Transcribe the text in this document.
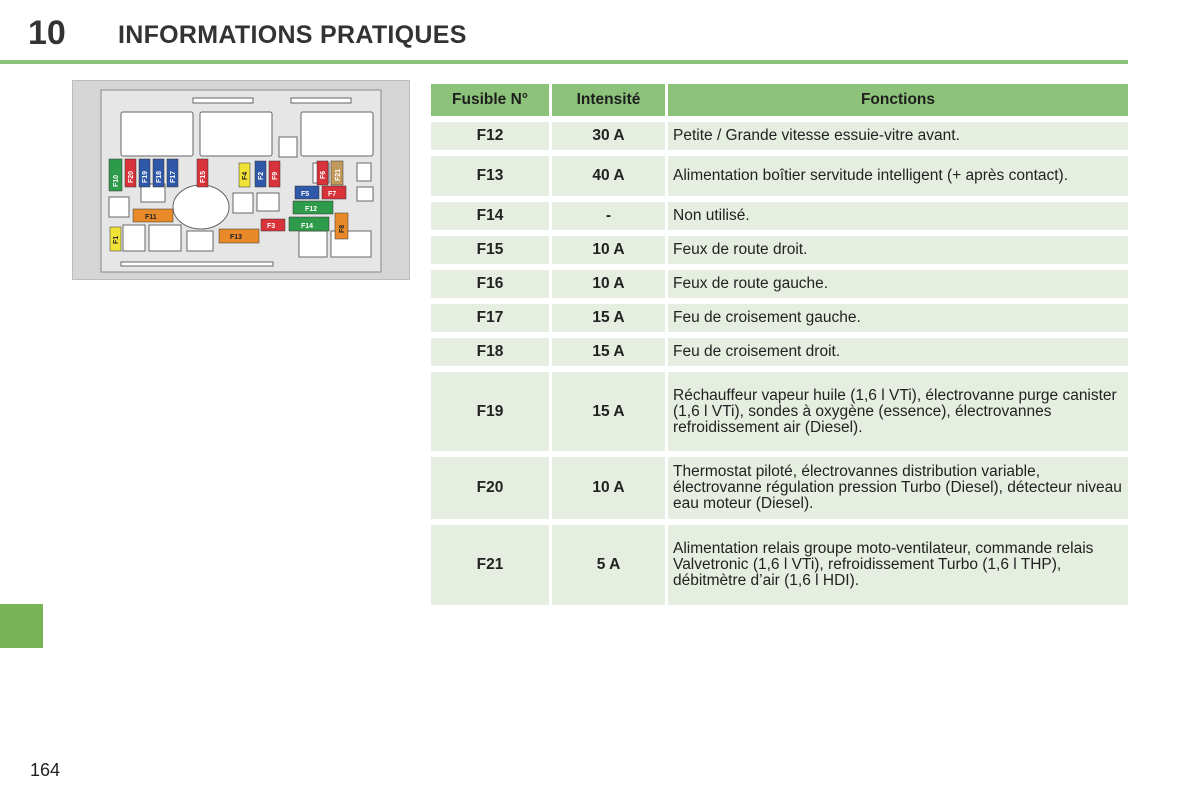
10 INFORMATIONS PRATIQUES
F10 F20 F19 F18 F17	F15	F4 F2 F9	F6 F21
F5	F7
F11
F12
F14
F3	F8
F1	F13
Fusible N°	Intensité	Fonctions
F12	30 A	Petite / Grande vitesse essuie-vitre avant.
F13	40 A	Alimentation boîtier servitude intelligent (+ après contact).
F14	-	Non utilisé.
F15	10 A	Feux de route droit.
F16	10 A	Feux de route gauche.
F17	15 A	Feu de croisement gauche.
F18	15 A	Feu de croisement droit.
F19	15 A	Réchauffeur vapeur huile (1,6 l VTi), électrovanne purge canister (1,6 l VTi), sondes à oxygène (essence), électrovannes refroidissement air (Diesel).
F20	10 A	Thermostat piloté, électrovannes distribution variable, électrovanne régulation pression Turbo (Diesel), détecteur niveau eau moteur (Diesel).
F21	5 A	Alimentation relais groupe moto-ventilateur, commande relais Valvetronic (1,6 l VTi), refroidissement Turbo (1,6 l THP), débitmètre d’air (1,6 l HDI).
164
